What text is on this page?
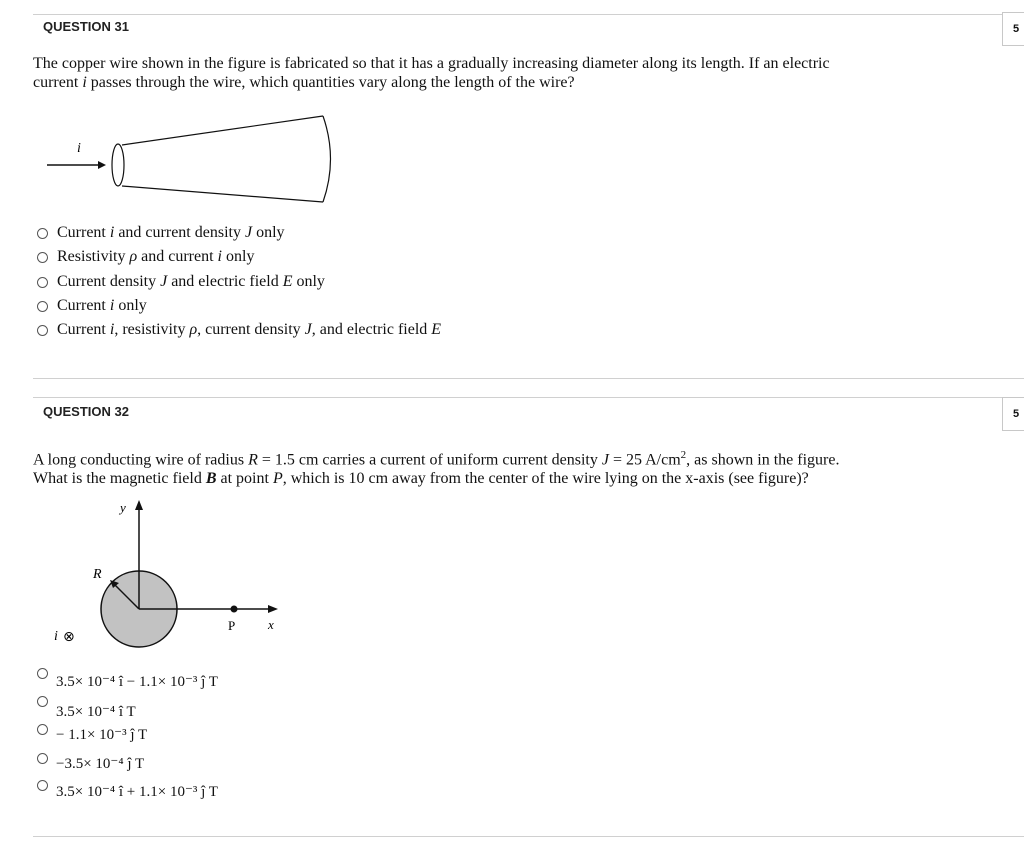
QUESTION 31	5
The copper wire shown in the figure is fabricated so that it has a gradually increasing diameter along its length. If an electric
current i passes through the wire, which quantities vary along the length of the wire?
i
Current i and current density J only
Resistivity ρ and current i only
Current density J and electric field E only
Current i only
Current i, resistivity ρ, current density J, and electric field E
QUESTION 32	5
A long conducting wire of radius R = 1.5 cm carries a current of uniform current density J = 25 $A/cm^2$, as shown in the figure.
What is the magnetic field B at point P, which is 10 cm away from the center of the wire lying on the x-axis (see figure)?
y
R
P	x
i ⊗
3.5× 10⁻⁴ î − 1.1× 10⁻³ ĵ T
3.5× 10⁻⁴ î T
− 1.1× 10⁻³ ĵ T
−3.5× 10⁻⁴ ĵ T
3.5× 10⁻⁴ î + 1.1× 10⁻³ ĵ T
